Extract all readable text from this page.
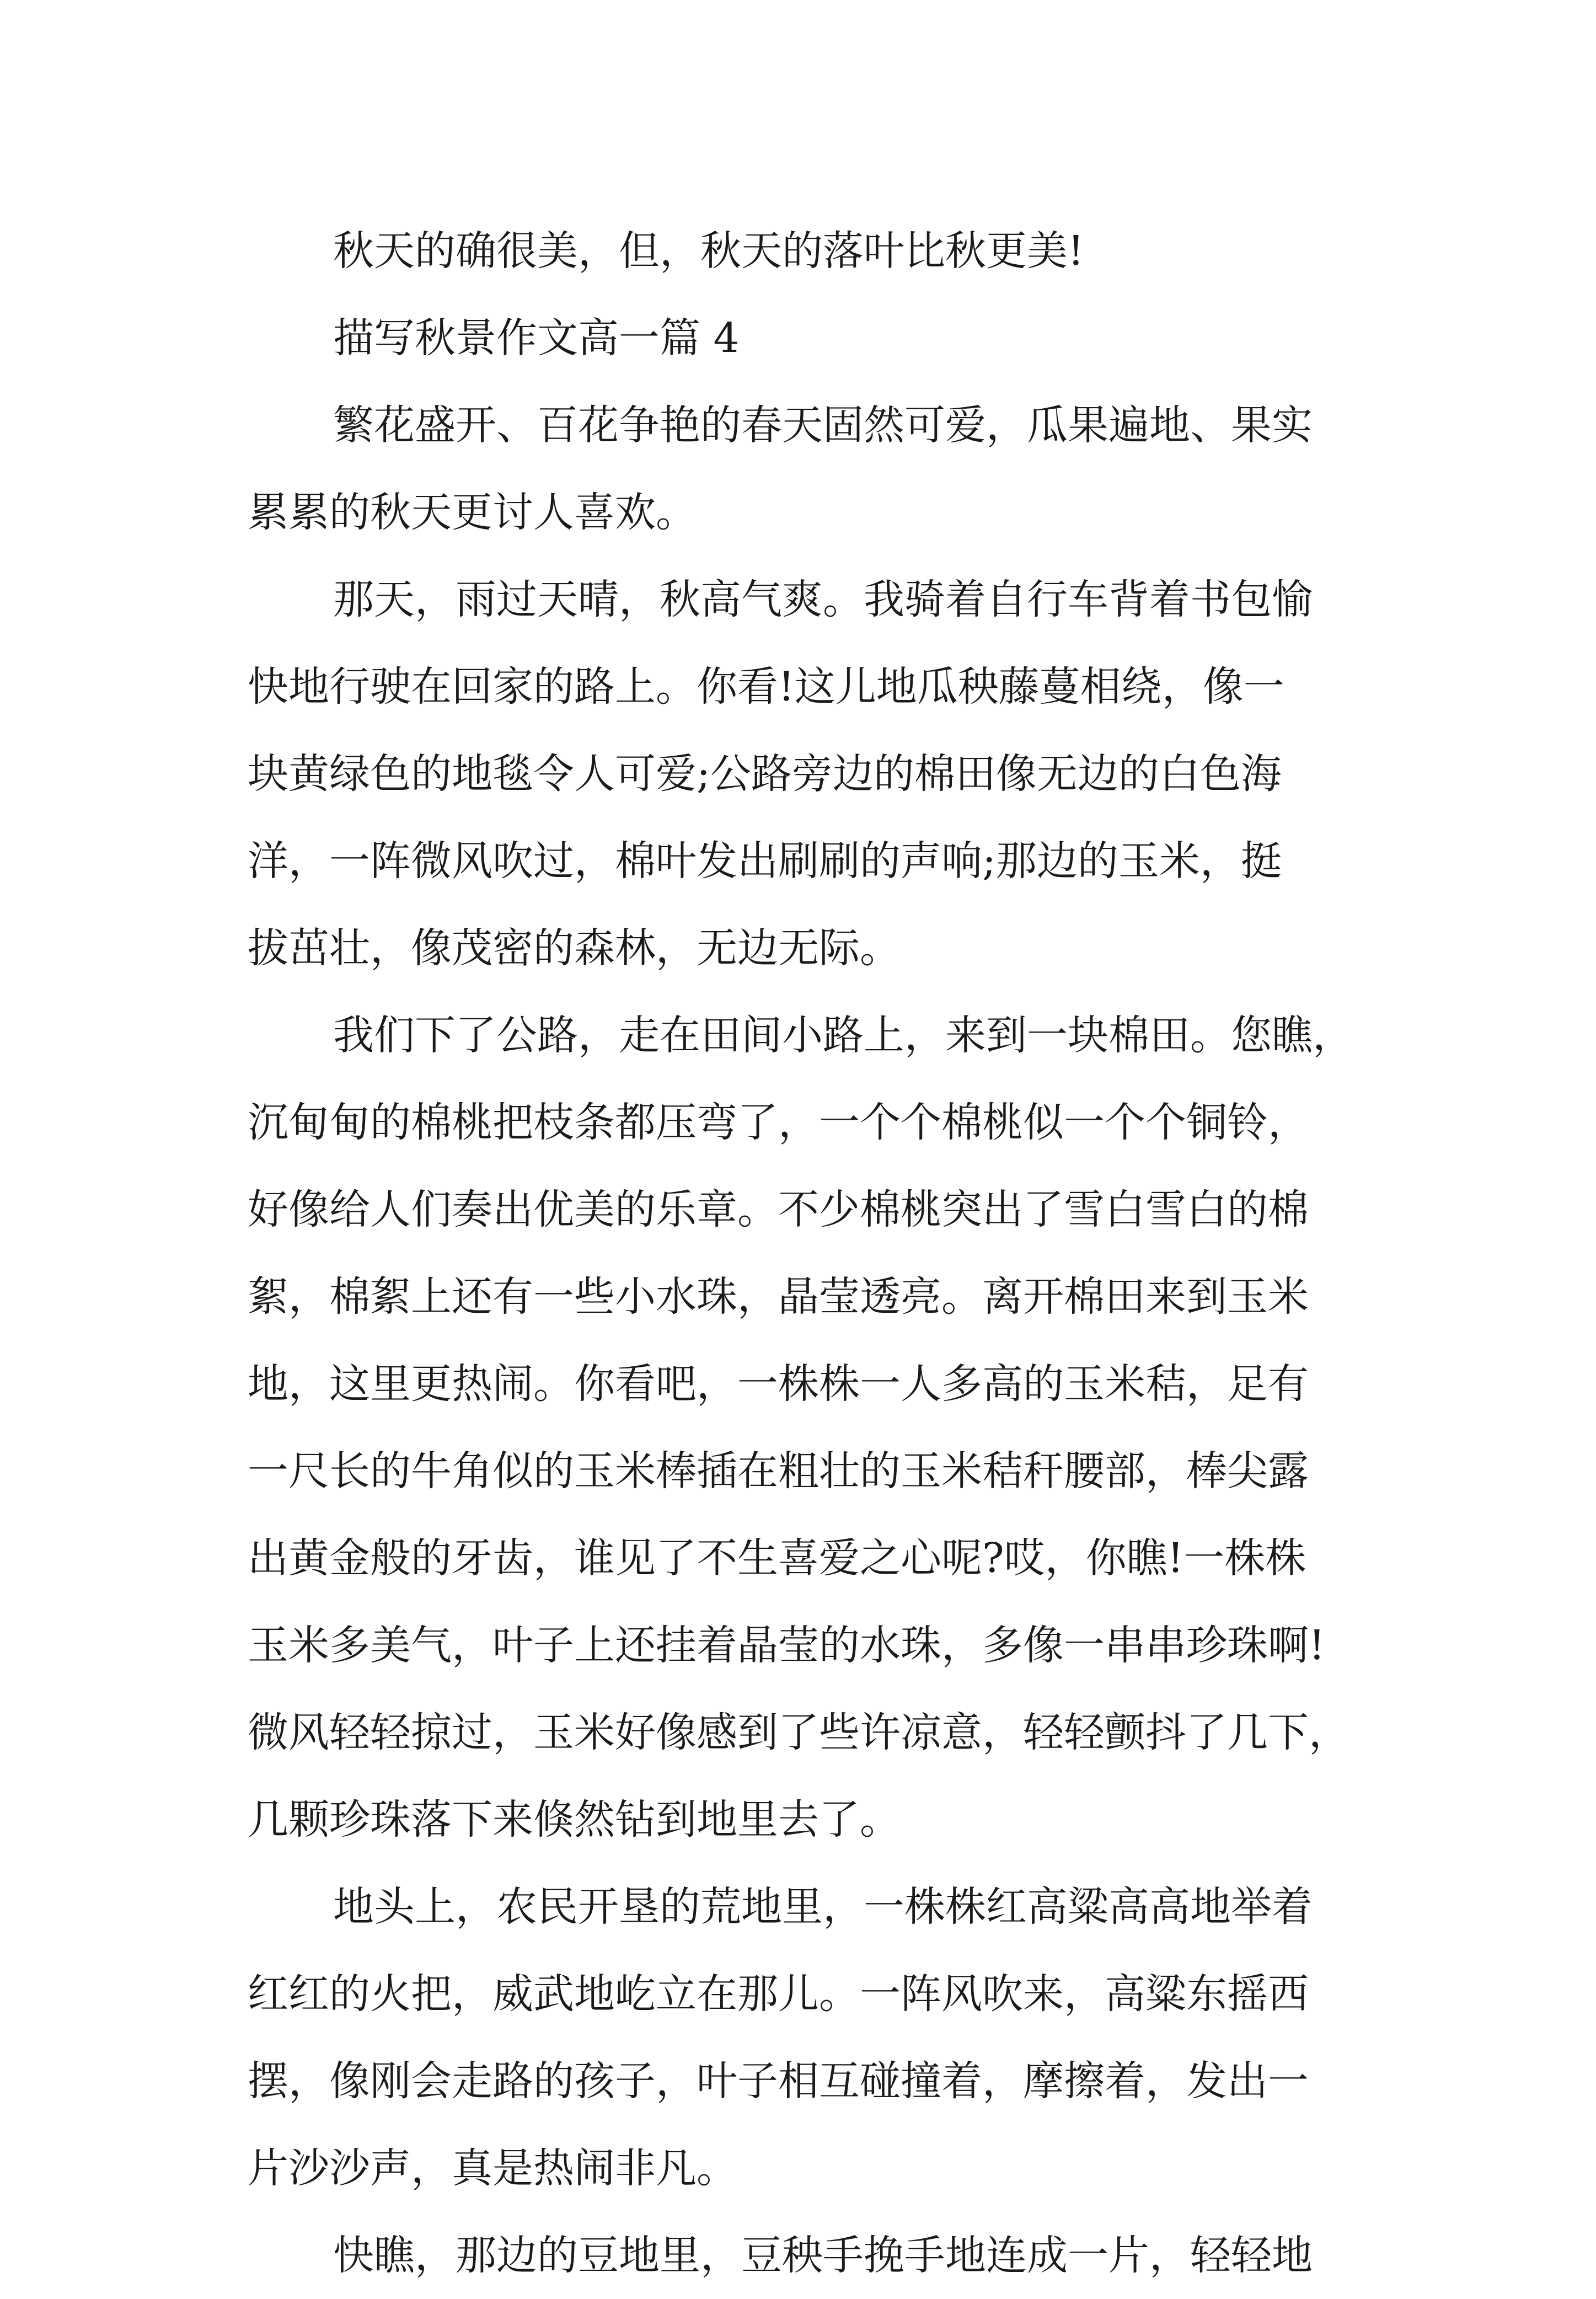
秋天的确很美，但，秋天的落叶比秋更美!
描写秋景作文高一篇 4
繁花盛开、百花争艳的春天固然可爱，瓜果遍地、果实
累累的秋天更讨人喜欢。
那天，雨过天晴，秋高气爽。我骑着自行车背着书包愉
快地行驶在回家的路上。你看!这儿地瓜秧藤蔓相绕，像一
块黄绿色的地毯令人可爱;公路旁边的棉田像无边的白色海
洋，一阵微风吹过，棉叶发出刷刷的声响;那边的玉米，挺
拔茁壮，像茂密的森林，无边无际。
我们下了公路，走在田间小路上，来到一块棉田。您瞧，
沉甸甸的棉桃把枝条都压弯了，一个个棉桃似一个个铜铃，
好像给人们奏出优美的乐章。不少棉桃突出了雪白雪白的棉
絮，棉絮上还有一些小水珠，晶莹透亮。离开棉田来到玉米
地，这里更热闹。你看吧，一株株一人多高的玉米秸，足有
一尺长的牛角似的玉米棒插在粗壮的玉米秸秆腰部，棒尖露
出黄金般的牙齿，谁见了不生喜爱之心呢?哎，你瞧!一株株
玉米多美气，叶子上还挂着晶莹的水珠，多像一串串珍珠啊!
微风轻轻掠过，玉米好像感到了些许凉意，轻轻颤抖了几下，
几颗珍珠落下来倏然钻到地里去了。
地头上，农民开垦的荒地里，一株株红高粱高高地举着
红红的火把，威武地屹立在那儿。一阵风吹来，高粱东摇西
摆，像刚会走路的孩子，叶子相互碰撞着，摩擦着，发出一
片沙沙声，真是热闹非凡。
快瞧，那边的豆地里，豆秧手挽手地连成一片，轻轻地
